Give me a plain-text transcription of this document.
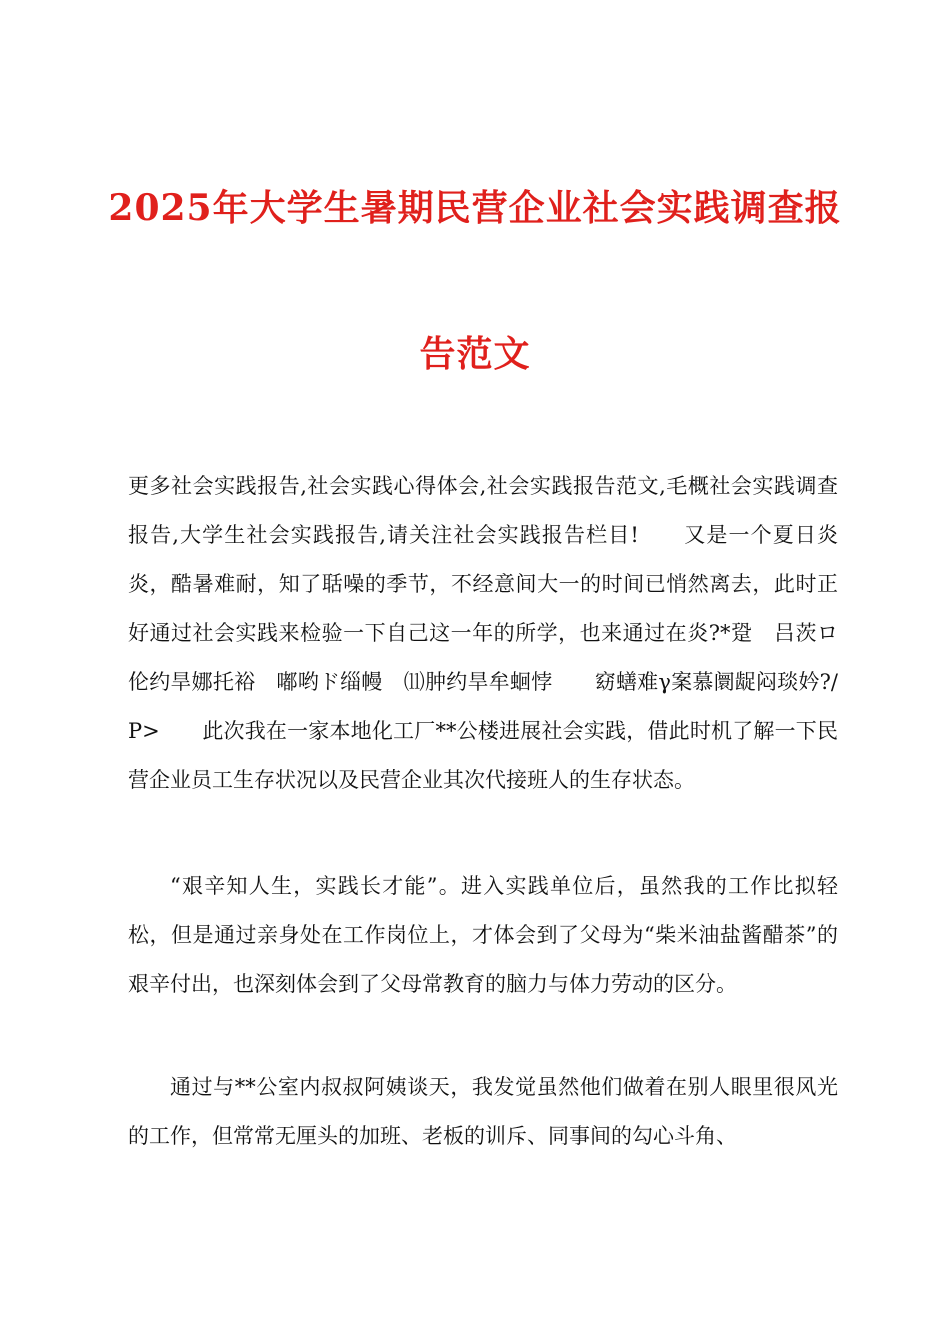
2025年大学生暑期民营企业社会实践调查报
告范文

更多社会实践报告,社会实践心得体会,社会实践报告范文,毛概社会实践调查报告,大学生社会实践报告,请关注社会实践报告栏目!　　又是一个夏日炎炎，酷暑难耐，知了聒噪的季节，不经意间大一的时间已悄然离去，此时正好通过社会实践来检验一下自己这一年的所学，也来通过在炎?*跫　吕茨ロ伦约旱娜托裕　嘟哟ド缁幔　⑾肿约旱牟蛔悖　　窈蟮难γ案慕阛龊闷琰妗?/P>　　此次我在一家本地化工厂**公楼进展社会实践，借此时机了解一下民营企业员工生存状况以及民营企业其次代接班人的生存状态。

“艰辛知人生，实践长才能”。进入实践单位后，虽然我的工作比拟轻松，但是通过亲身处在工作岗位上，才体会到了父母为“柴米油盐酱醋茶”的艰辛付出，也深刻体会到了父母常教育的脑力与体力劳动的区分。

通过与**公室内叔叔阿姨谈天，我发觉虽然他们做着在别人眼里很风光的工作，但常常无厘头的加班、老板的训斥、同事间的勾心斗角、
